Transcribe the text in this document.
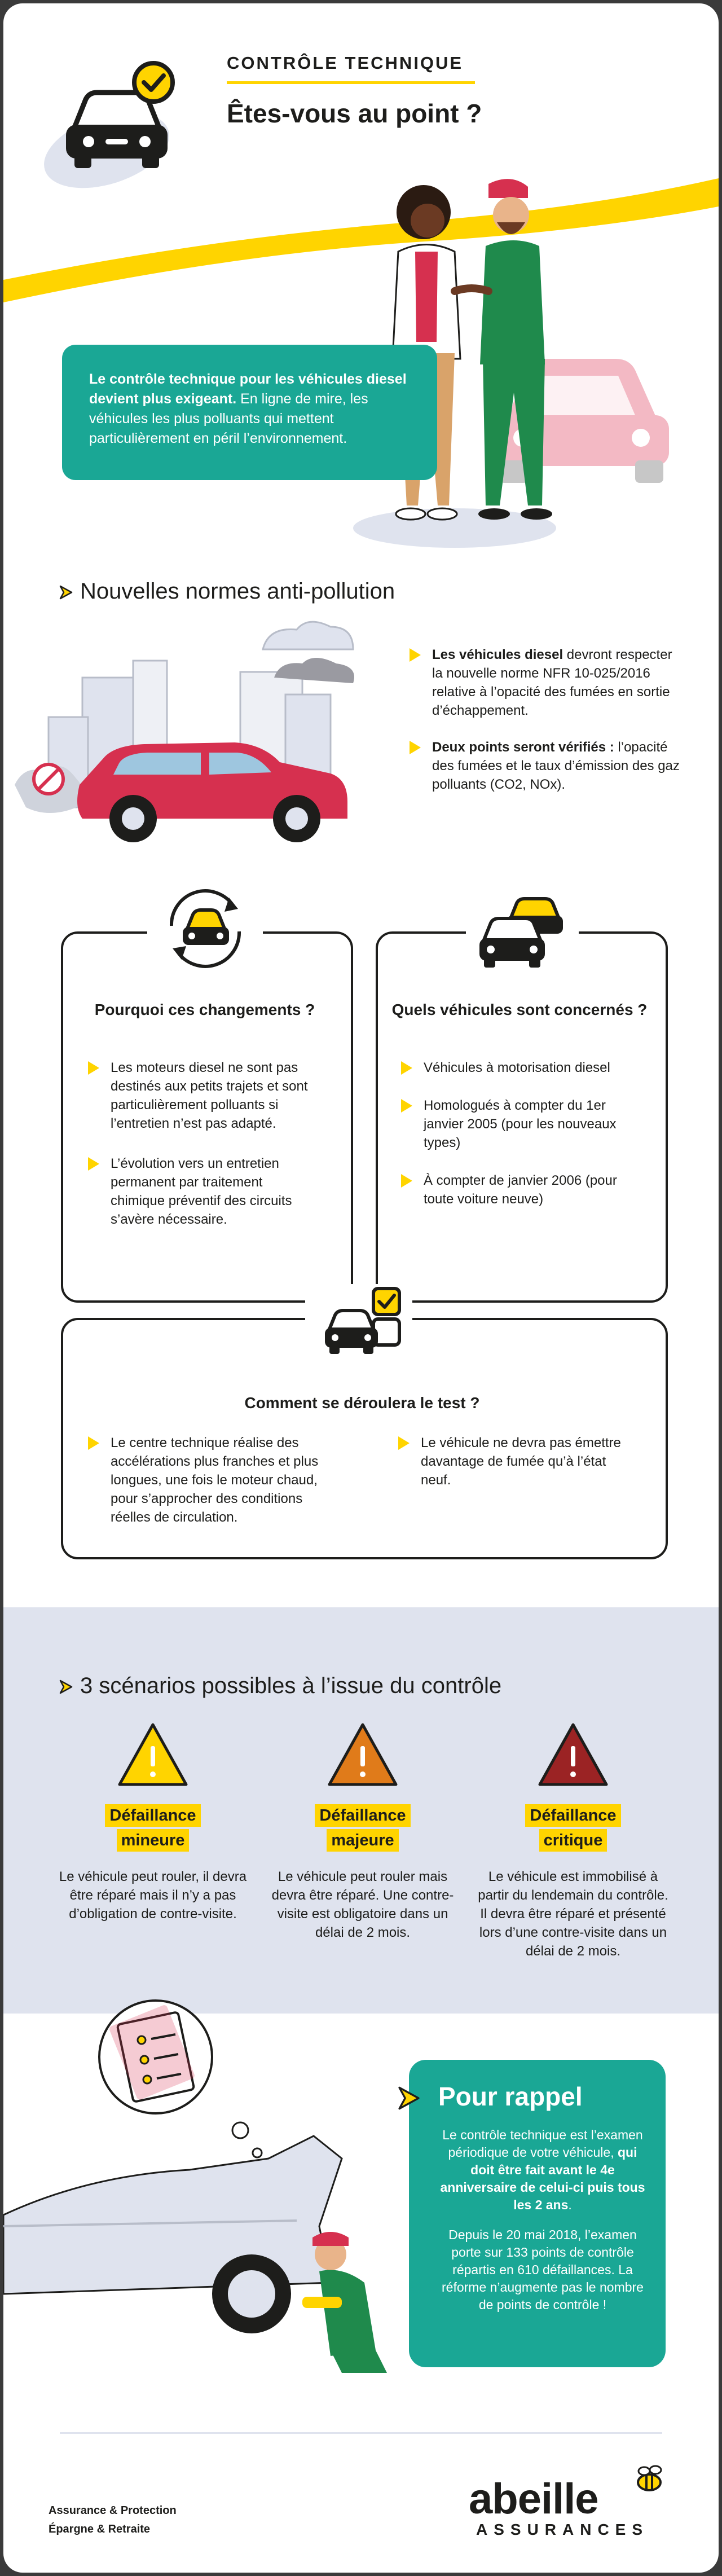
CONTRÔLE TECHNIQUE
Êtes-vous au point ?

Le contrôle technique pour les véhicules diesel devient plus exigeant. En ligne de mire, les véhicules les plus polluants qui mettent particulièrement en péril l’environnement.

Nouvelles normes anti-pollution
Les véhicules diesel devront respecter la nouvelle norme NFR 10-025/2016 relative à l’opacité des fumées en sortie d’échappement.
Deux points seront vérifiés : l’opacité des fumées et le taux d’émission des gaz polluants (CO2, NOx).
Pourquoi ces changements ?
Les moteurs diesel ne sont pas destinés aux petits trajets et sont particulièrement polluants si l’entretien n’est pas adapté.
L’évolution vers un entretien permanent par traitement chimique préventif des circuits s’avère nécessaire.
Quels véhicules sont concernés ?
Véhicules à motorisation diesel
Homologués à compter du 1er janvier 2005 (pour les nouveaux types)
À compter de janvier 2006 (pour toute voiture neuve)
Comment se déroulera le test ?
Le centre technique réalise des accélérations plus franches et plus longues, une fois le moteur chaud, pour s’approcher des conditions réelles de circulation.
Le véhicule ne devra pas émettre davantage de fumée qu’à l’état neuf.
3 scénarios possibles à l’issue du contrôle
Défaillance
mineure
Le véhicule peut rouler, il devra être réparé mais il n’y a pas d’obligation de contre-visite.
Défaillance
majeure
Le véhicule peut rouler mais devra être réparé. Une contre-visite est obligatoire dans un délai de 2 mois.
Défaillance
critique
Le véhicule est immobilisé à partir du lendemain du contrôle. Il devra être réparé et présenté lors d’une contre-visite dans un délai de 2 mois.
Pour rappel

Le contrôle technique est l’examen périodique de votre véhicule, qui doit être fait avant le 4e anniversaire de celui-ci puis tous les 2 ans.

Depuis le 20 mai 2018, l’examen porte sur 133 points de contrôle répartis en 610 défaillances. La réforme n’augmente pas le nombre de points de contrôle !

Assurance & Protection
Épargne & Retraite
abeille
ASSURANCES
